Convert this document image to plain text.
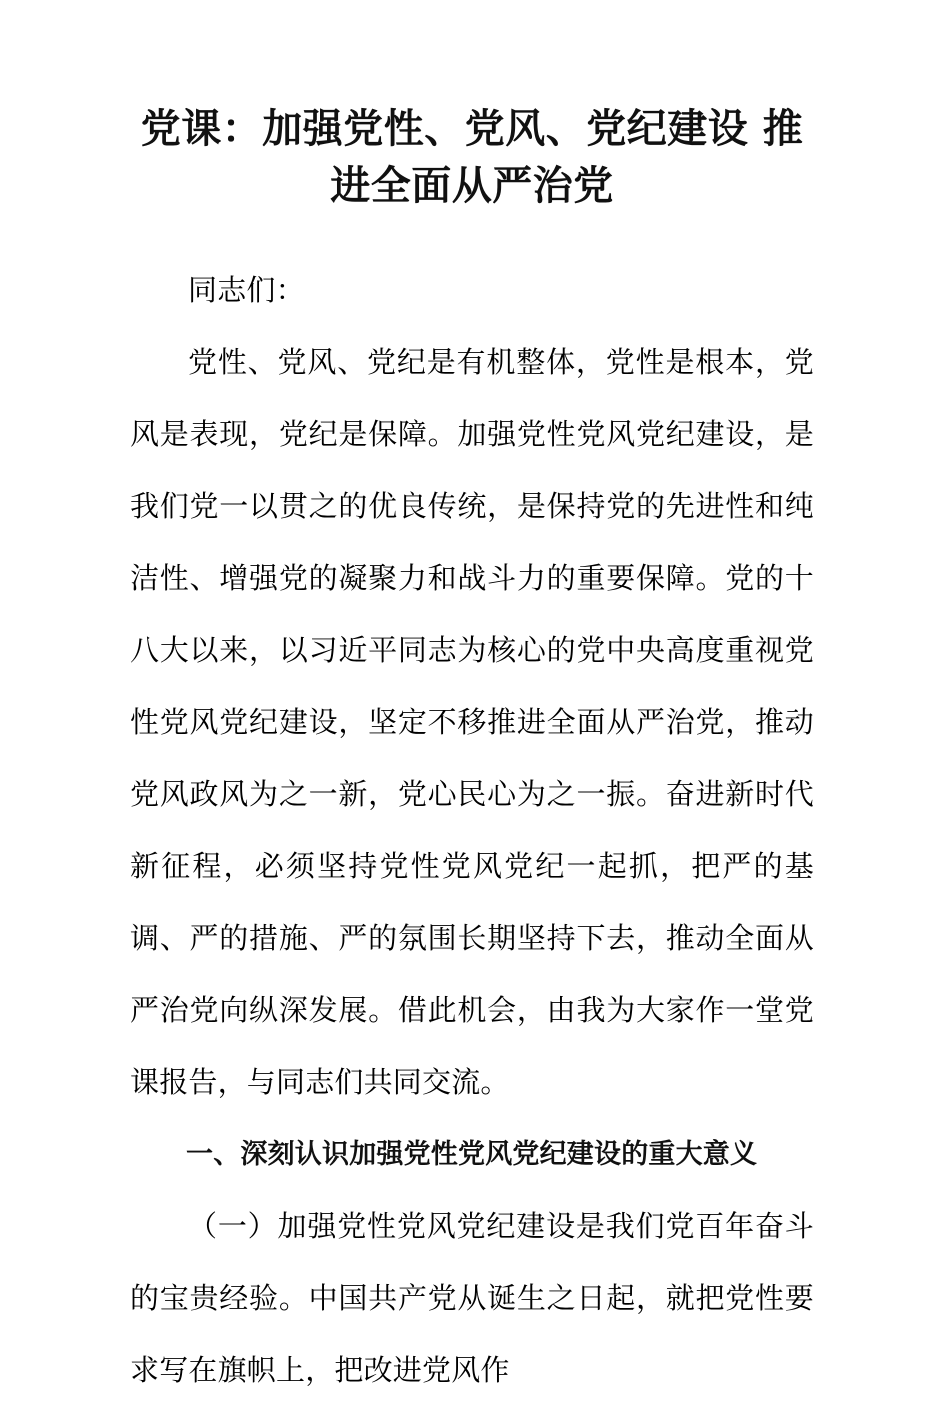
党课：加强党性、党风、党纪建设 推进全面从严治党

同志们：

党性、党风、党纪是有机整体，党性是根本，党风是表现，党纪是保障。加强党性党风党纪建设，是我们党一以贯之的优良传统，是保持党的先进性和纯洁性、增强党的凝聚力和战斗力的重要保障。党的十八大以来，以习近平同志为核心的党中央高度重视党性党风党纪建设，坚定不移推进全面从严治党，推动党风政风为之一新，党心民心为之一振。奋进新时代新征程，必须坚持党性党风党纪一起抓，把严的基调、严的措施、严的氛围长期坚持下去，推动全面从严治党向纵深发展。借此机会，由我为大家作一堂党课报告，与同志们共同交流。

一、深刻认识加强党性党风党纪建设的重大意义

（一）加强党性党风党纪建设是我们党百年奋斗的宝贵经验。中国共产党从诞生之日起，就把党性要求写在旗帜上，把改进党风作
